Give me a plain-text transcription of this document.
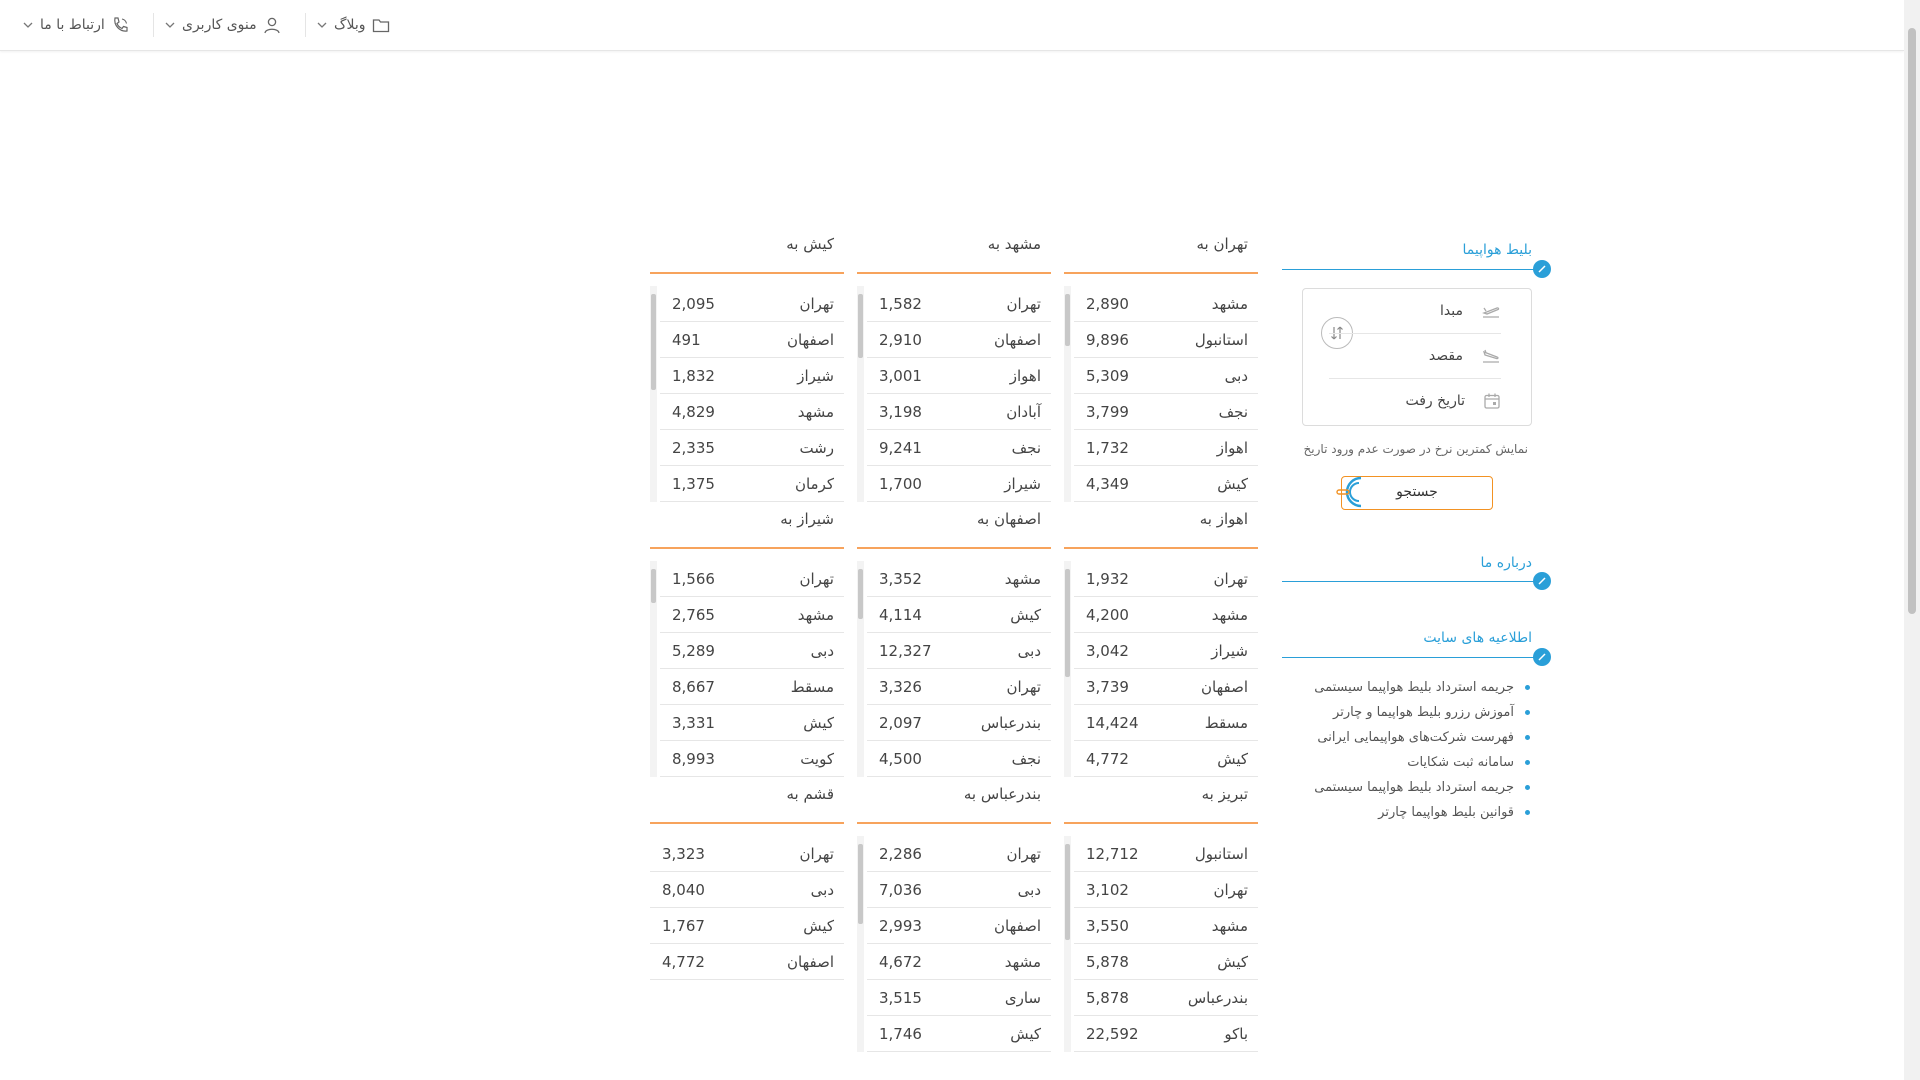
وبلاگ
منوی کاربری
ارتباط با ما
بلیط هواپیما
مبدا
مقصد
تاریخ رفت
نمایش کمترین نرخ در صورت عدم ورود تاریخ
جستجو
درباره ما
اطلاعیه های سایت
جریمه استرداد بلیط هواپیما سیستمی
آموزش رزرو بلیط هواپیما و چارتر
فهرست شرکت‌های هواپیمایی ایرانی
سامانه ثبت شکایات
جریمه استرداد بلیط هواپیما سیستمی
قوانین بلیط هواپیما چارتر
تهران به
2,890	مشهد
9,896	استانبول
5,309	دبی
3,799	نجف
1,732	اهواز
4,349	کیش
مشهد به
1,582	تهران
2,910	اصفهان
3,001	اهواز
3,198	آبادان
9,241	نجف
1,700	شیراز
کیش به
2,095	تهران
491	اصفهان
1,832	شیراز
4,829	مشهد
2,335	رشت
1,375	کرمان
اهواز به
1,932	تهران
4,200	مشهد
3,042	شیراز
3,739	اصفهان
14,424	مسقط
4,772	کیش
اصفهان به
3,352	مشهد
4,114	کیش
12,327	دبی
3,326	تهران
2,097	بندرعباس
4,500	نجف
شیراز به
1,566	تهران
2,765	مشهد
5,289	دبی
8,667	مسقط
3,331	کیش
8,993	کویت
تبریز به
12,712	استانبول
3,102	تهران
3,550	مشهد
5,878	کیش
5,878	بندرعباس
22,592	باکو
بندرعباس به
2,286	تهران
7,036	دبی
2,993	اصفهان
4,672	مشهد
3,515	ساری
1,746	کیش
قشم به
3,323	تهران
8,040	دبی
1,767	کیش
4,772	اصفهان
